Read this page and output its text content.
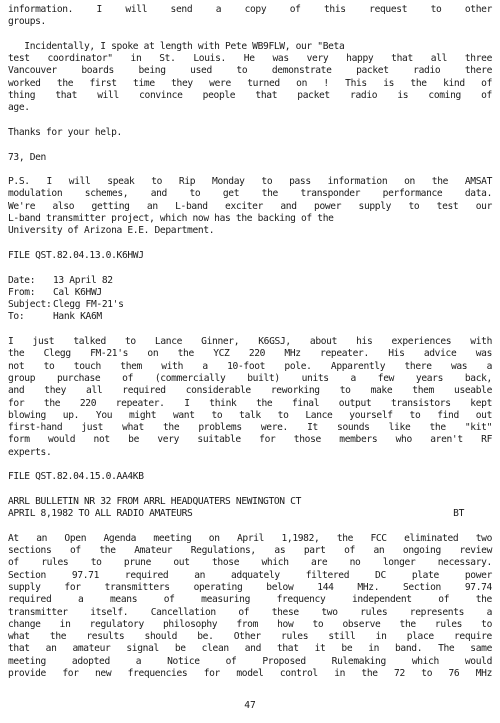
information. I will send a copy of this request to other
groups.
Incidentally, I spoke at length with Pete WB9FLW, our "Beta
test coordinator" in St. Louis. He was very happy that all three
Vancouver boards being used to demonstrate packet radio there
worked the first time they were turned on ! This is the kind of
thing that will convince people that packet radio is coming of
age.
Thanks for your help.
73, Den
P.S. I will speak to Rip Monday to pass information on the AMSAT
modulation schemes, and to get the transponder performance data.
We're also getting an L-band exciter and power supply to test our
L-band transmitter project, which now has the backing of the
University of Arizona E.E. Department.
FILE QST.82.04.13.0.K6HWJ
Date:	13 April 82
From:	Cal K6HWJ
Subject: Clegg FM-21's
To:	Hank KA6M
I just talked to Lance Ginner, K6GSJ, about his experiences with
the Clegg FM-21's on the YCZ 220 MHz repeater. His advice was
not to touch them with a 10-foot pole. Apparently there was a
group purchase of (commercially built) units a few years back,
and they all required considerable reworking to make them useable
for the 220 repeater. I think the final output transistors kept
blowing up. You might want to talk to Lance yourself to find out
first-hand just what the problems were. It sounds like the "kit"
form would not be very suitable for those members who aren't RF
experts.
FILE QST.82.04.15.0.AA4KB
ARRL BULLETIN NR 32 FROM ARRL HEADQUATERS NEWINGTON CT
APRIL 8,1982 TO ALL RADIO AMATEURS	BT
At an Open Agenda meeting on April 1,1982, the FCC eliminated two
sections of the Amateur Regulations, as part of an ongoing review
of rules to prune out those which are no longer necessary.
Section 97.71 required an adquately filtered DC plate power
supply for transmitters operating below 144 MHz. Section 97.74
required a means of measuring frequency independent of the
transmitter itself. Cancellation of these two rules represents a
change in regulatory philosophy from how to observe the rules to
what the results should be. Other rules still in place require
that an amateur signal be clean and that it be in band. The same
meeting adopted a Notice of Proposed Rulemaking which would
provide for new frequencies for model control in the 72 to 76 MHz
47
